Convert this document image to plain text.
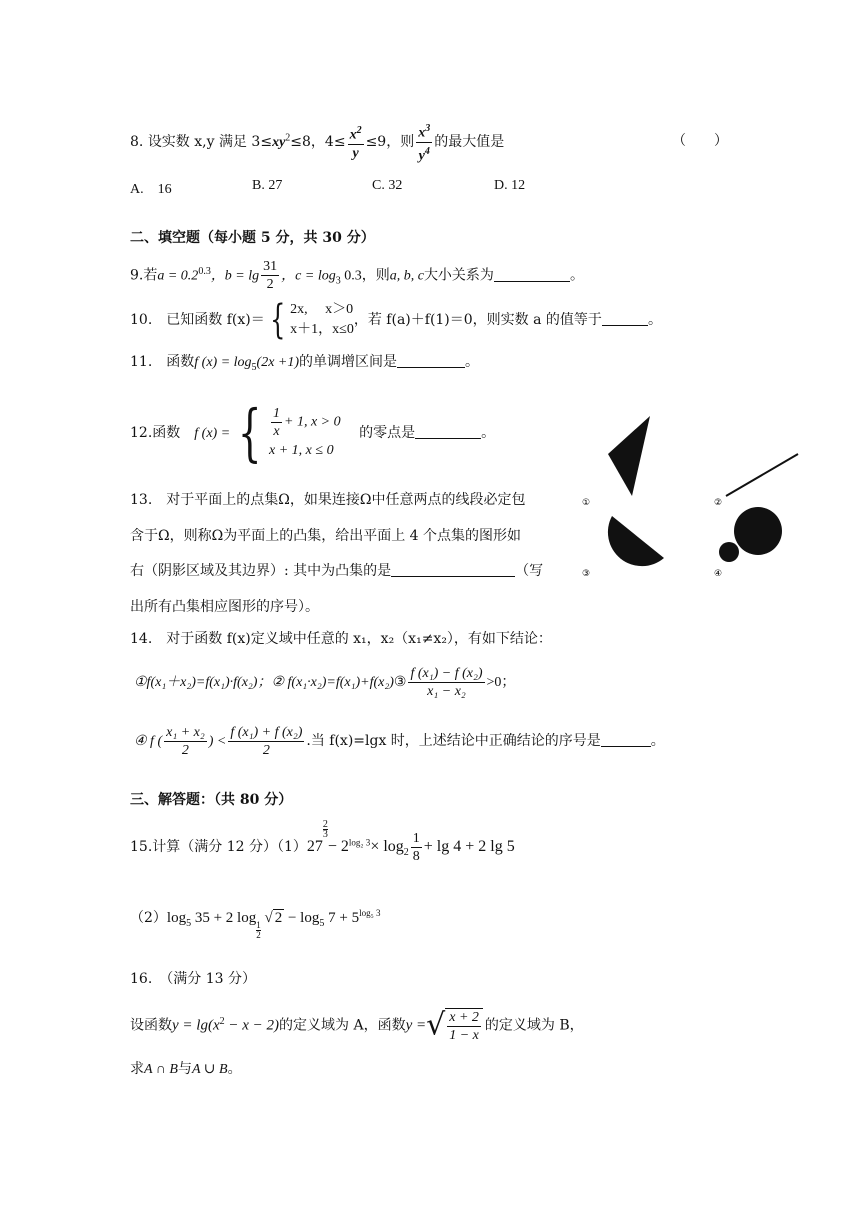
8. 设实数 x,y 满足 $3\le xy^2\le 8$，$4\le \frac{x^2}{y} \le 9$，则 $\frac{x^3}{y^4}$ 的最大值是	（　　）
A.　16	B. 27	C. 32	D. 12
二、填空题（每小题 5 分，共 30 分）
9.若$a = 0.2^{0.3}$，$b = \lg \frac{31}{2}$ ，$c = \log_3 0.3$，则a, b, c大小关系为	。
10.　已知函数 f(x)＝ { 2x,　 x＞0
x＋1，x≤0
，若 f(a)＋f(1)＝0，则实数 a 的值等于	。
11.　函数f $(x) = \log_5(2x +1)$的单调增区间是	。
12.函数　f (x) = { $\frac{1}{x} + 1$, x > 0
x + 1, x ≤ 0
的零点是	。
13.　对于平面上的点集Ω，如果连接Ω中任意两点的线段必定包
含于Ω，则称Ω为平面上的凸集，给出平面上 4 个点集的图形如
右（阴影区域及其边界）: 其中为凸集的是	（写
出所有凸集相应图形的序号）。
①	②
③	④
14.　对于函数 f(x)定义域中任意的 x₁，x₂（x₁≠x₂），有如下结论：
①f(x₁＋x₂)=f(x₁)·f(x₂)；② f(x₁·x₂)=f(x₁)+f(x₂)③ $\frac{\text{f (x₁) − f (x₂)}}{\text{x₁ − x₂}} >0$；
④ f ( $\frac{\text{x₁ + x₂}}{2}$ ) < $\frac{\text{f (x₁) + f (x₂)}}{2}$ .当 f(x)=lgx 时，上述结论中正确结论的序号是	。
三、解答题：（共 80 分）
15.计算（满分 12 分）（1）27
$^{\frac{2}{3}}$
− $2^{log_2 3}\times \log_2 \frac{1}{8} + \lg 4 + 2$ lg 5
$(2)\log_5$ 35 + 2 log
$\frac{1}{2}$
√ $2 - \log_5 7 + 5^{log_5 3}$
16.　（满分 13 分）
设函数$y = \lg(x^2 - x - 2)$的定义域为 A，函数y =√ $\frac{x + 2}{1 - x}$ 的定义域为 B，
求A ∩ B与A ∪ B。
